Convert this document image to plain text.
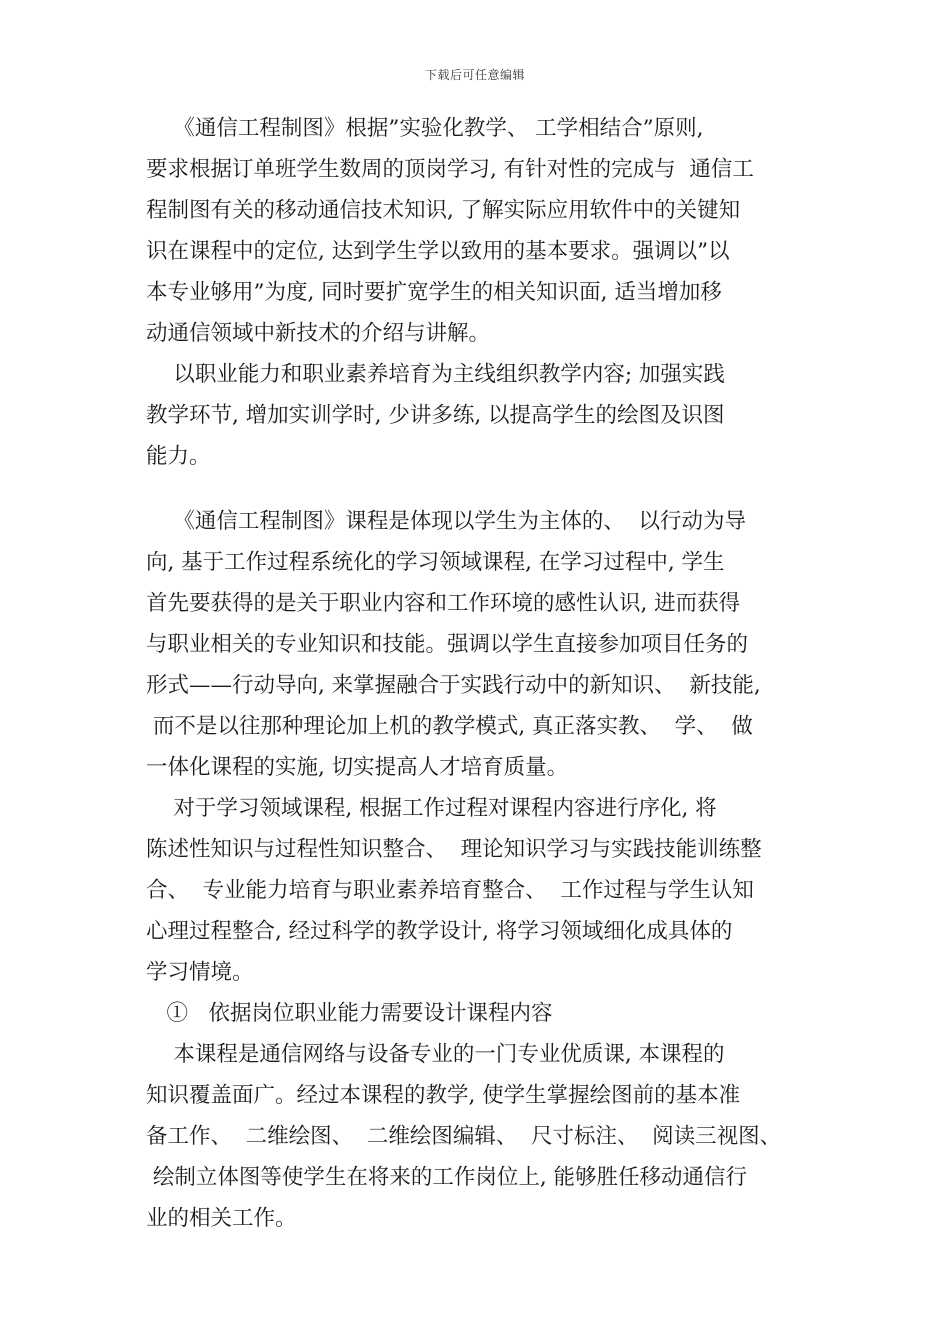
下载后可任意编辑
《通信工程制图》根据”实验化教学、 工学相结合”原则,
要求根据订单班学生数周的顶岗学习, 有针对性的完成与  通信工
程制图有关的移动通信技术知识, 了解实际应用软件中的关键知
识在课程中的定位, 达到学生学以致用的基本要求。强调以”以
本专业够用”为度, 同时要扩宽学生的相关知识面, 适当增加移
动通信领域中新技术的介绍与讲解。
以职业能力和职业素养培育为主线组织教学内容; 加强实践
教学环节, 增加实训学时, 少讲多练, 以提高学生的绘图及识图
能力。
《通信工程制图》课程是体现以学生为主体的、  以行动为导
向, 基于工作过程系统化的学习领域课程, 在学习过程中, 学生
首先要获得的是关于职业内容和工作环境的感性认识, 进而获得
与职业相关的专业知识和技能。强调以学生直接参加项目任务的
形式——行动导向, 来掌握融合于实践行动中的新知识、  新技能,
而不是以往那种理论加上机的教学模式, 真正落实教、  学、  做
一体化课程的实施, 切实提高人才培育质量。
对于学习领域课程, 根据工作过程对课程内容进行序化, 将
陈述性知识与过程性知识整合、  理论知识学习与实践技能训练整
合、  专业能力培育与职业素养培育整合、  工作过程与学生认知
心理过程整合, 经过科学的教学设计, 将学习领域细化成具体的
学习情境。
①   依据岗位职业能力需要设计课程内容
本课程是通信网络与设备专业的一门专业优质课, 本课程的
知识覆盖面广。经过本课程的教学, 使学生掌握绘图前的基本准
备工作、  二维绘图、  二维绘图编辑、  尺寸标注、  阅读三视图、
绘制立体图等使学生在将来的工作岗位上, 能够胜任移动通信行
业的相关工作。
